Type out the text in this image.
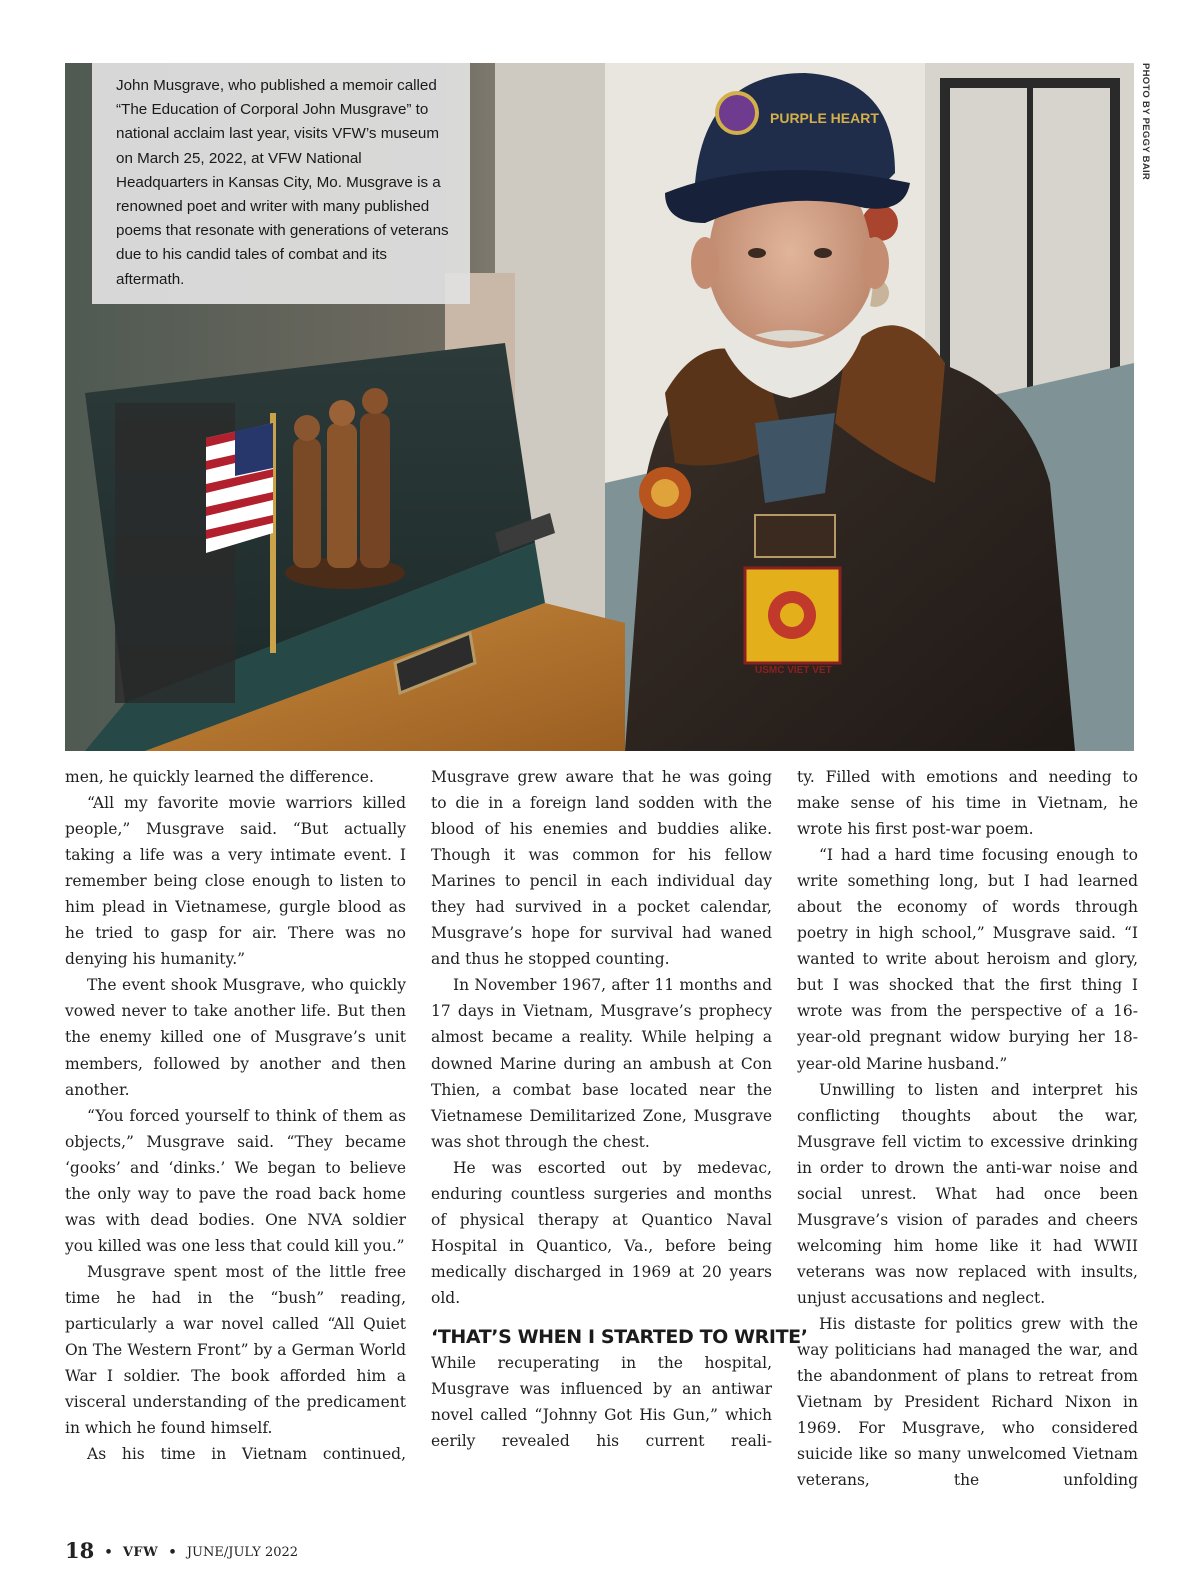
PURPLE HEART
USMC VIET VET
PHOTO BY PEGGY BAIR

John Musgrave, who published a memoir called “The Education of Corporal John Musgrave” to national acclaim last year, visits VFW’s museum on March 25, 2022, at VFW National Headquarters in Kansas City, Mo. Musgrave is a renowned poet and writer with many published poems that resonate with generations of veterans due to his candid tales of combat and its aftermath.

men, he quickly learned the difference.

“All my favorite movie warriors killed people,” Musgrave said. “But actually taking a life was a very intimate event. I remember being close enough to listen to him plead in Vietnamese, gurgle blood as he tried to gasp for air. There was no denying his humanity.”

The event shook Musgrave, who quickly vowed never to take another life. But then the enemy killed one of Musgrave’s unit members, followed by another and then another.

“You forced yourself to think of them as objects,” Musgrave said. “They became ‘gooks’ and ‘dinks.’ We began to believe the only way to pave the road back home was with dead bodies. One NVA soldier you killed was one less that could kill you.”

Musgrave spent most of the little free time he had in the “bush” reading, particularly a war novel called “All Quiet On The Western Front” by a German World War I soldier. The book afforded him a visceral understanding of the predicament in which he found himself.

As his time in Vietnam continued,

Musgrave grew aware that he was going to die in a foreign land sodden with the blood of his enemies and buddies alike. Though it was common for his fellow Marines to pencil in each individual day they had survived in a pocket calendar, Musgrave’s hope for survival had waned and thus he stopped counting.

In November 1967, after 11 months and 17 days in Vietnam, Musgrave’s prophecy almost became a reality. While helping a downed Marine during an ambush at Con Thien, a combat base located near the Vietnamese Demilitarized Zone, Musgrave was shot through the chest.

He was escorted out by medevac, enduring countless surgeries and months of physical therapy at Quantico Naval Hospital in Quantico, Va., before being medically discharged in 1969 at 20 years old.

‘THAT’S WHEN I STARTED TO WRITE’

While recuperating in the hospital, Musgrave was influenced by an antiwar novel called “Johnny Got His Gun,” which eerily revealed his current reali-

ty. Filled with emotions and needing to make sense of his time in Vietnam, he wrote his first post-war poem.

“I had a hard time focusing enough to write something long, but I had learned about the economy of words through poetry in high school,” Musgrave said. “I wanted to write about heroism and glory, but I was shocked that the first thing I wrote was from the perspective of a 16-year-old pregnant widow burying her 18-year-old Marine husband.”

Unwilling to listen and interpret his conflicting thoughts about the war, Musgrave fell victim to excessive drinking in order to drown the anti-war noise and social unrest. What had once been Musgrave’s vision of parades and cheers welcoming him home like it had WWII veterans was now replaced with insults, unjust accusations and neglect.

His distaste for politics grew with the way politicians had managed the war, and the abandonment of plans to retreat from Vietnam by President Richard Nixon in 1969. For Musgrave, who considered suicide like so many unwelcomed Vietnam veterans, the unfolding

18 • VFW • JUNE/JULY 2022
